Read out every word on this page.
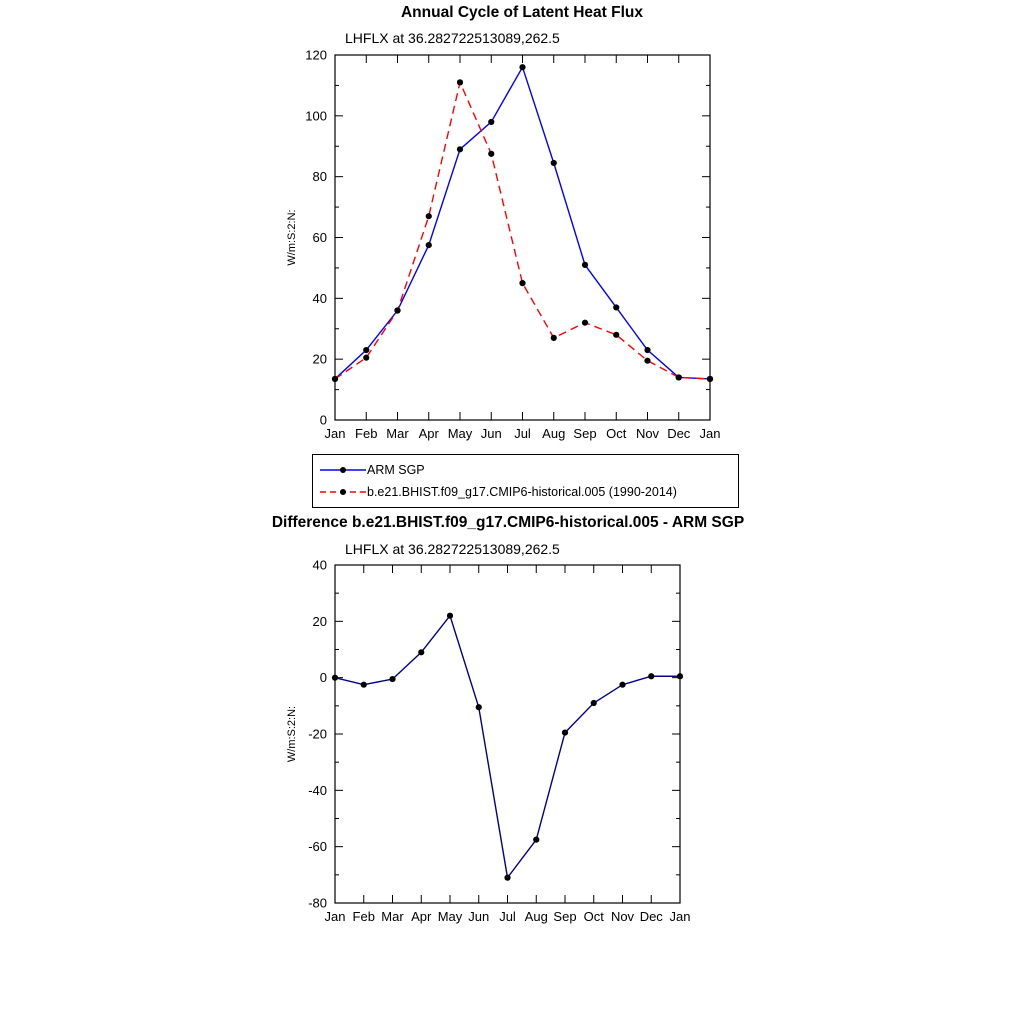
Annual Cycle of Latent Heat Flux
LHFLX at 36.282722513089,262.5
Difference b.e21.BHIST.f09_g17.CMIP6-historical.005 - ARM SGP
LHFLX at 36.282722513089,262.5
Jan Feb Mar Apr May Jun Jul Aug Sep Oct Nov Dec Jan
0
20
40
60
80
100
120
W/m:S:2:N:
Jan Feb Mar Apr May Jun Jul Aug Sep Oct Nov Dec Jan
-80
-60
-40
-20
0
20
40
W/m:S:2:N:
ARM SGP
b.e21.BHIST.f09_g17.CMIP6-historical.005 (1990-2014)
